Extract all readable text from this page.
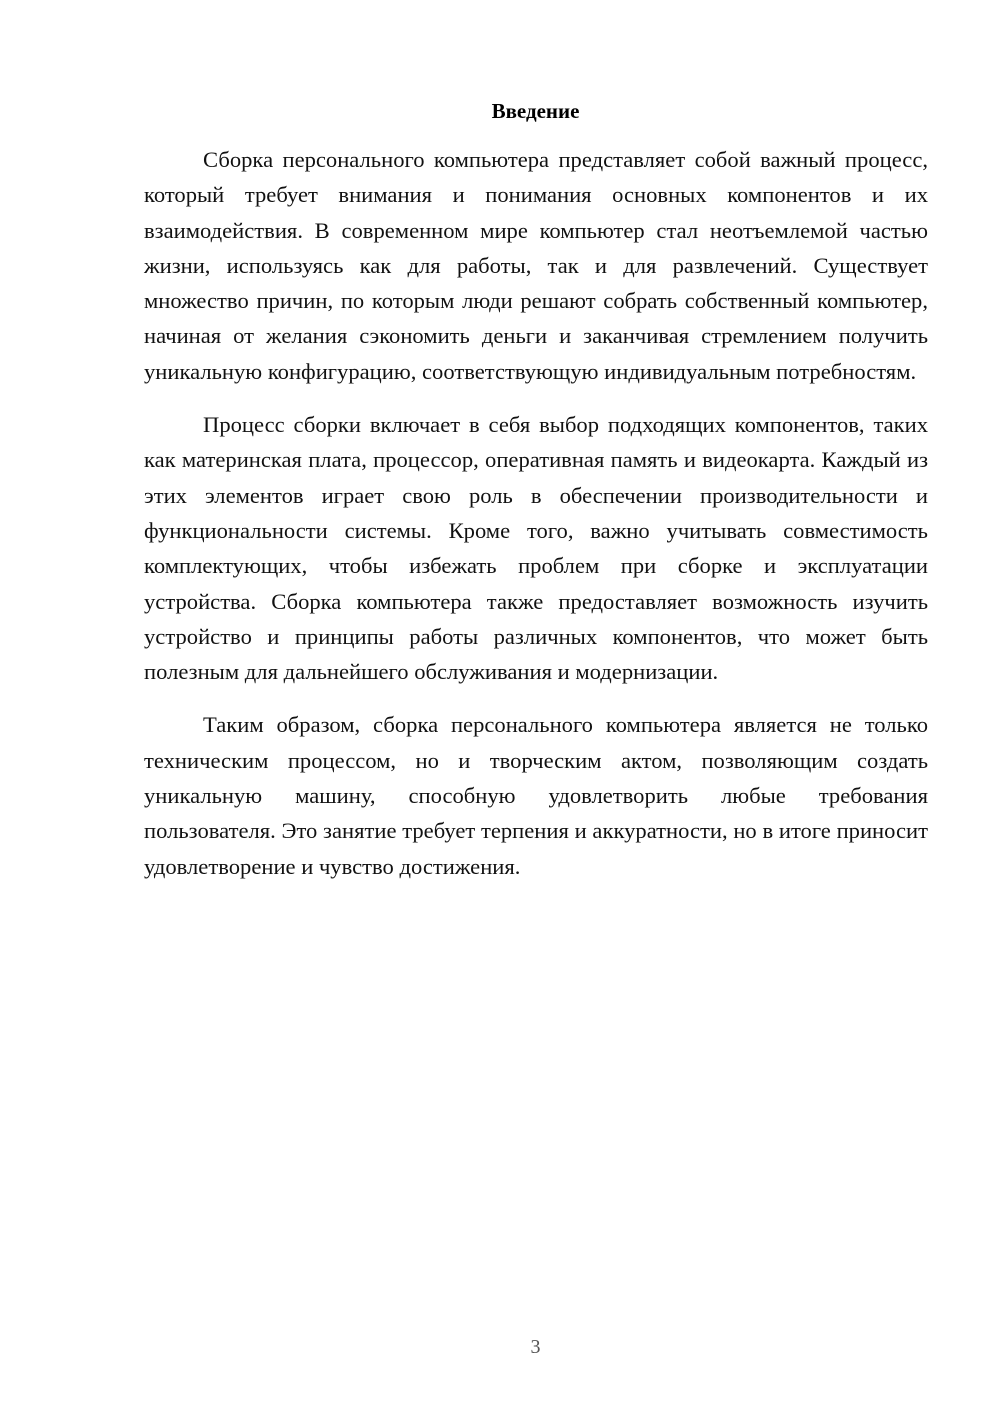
Введение

Сборка персонального компьютера представляет собой важный процесс, который требует внимания и понимания основных компонентов и их взаимодействия. В современном мире компьютер стал неотъемлемой частью жизни, используясь как для работы, так и для развлечений. Существует множество причин, по которым люди решают собрать собственный компьютер, начиная от желания сэкономить деньги и заканчивая стремлением получить уникальную конфигурацию, соответствующую индивидуальным потребностям.

Процесс сборки включает в себя выбор подходящих компонентов, таких как материнская плата, процессор, оперативная память и видеокарта. Каждый из этих элементов играет свою роль в обеспечении производительности и функциональности системы. Кроме того, важно учитывать совместимость комплектующих, чтобы избежать проблем при сборке и эксплуатации устройства. Сборка компьютера также предоставляет возможность изучить устройство и принципы работы различных компонентов, что может быть полезным для дальнейшего обслуживания и модернизации.

Таким образом, сборка персонального компьютера является не только техническим процессом, но и творческим актом, позволяющим создать уникальную машину, способную удовлетворить любые требования пользователя. Это занятие требует терпения и аккуратности, но в итоге приносит удовлетворение и чувство достижения.

3
